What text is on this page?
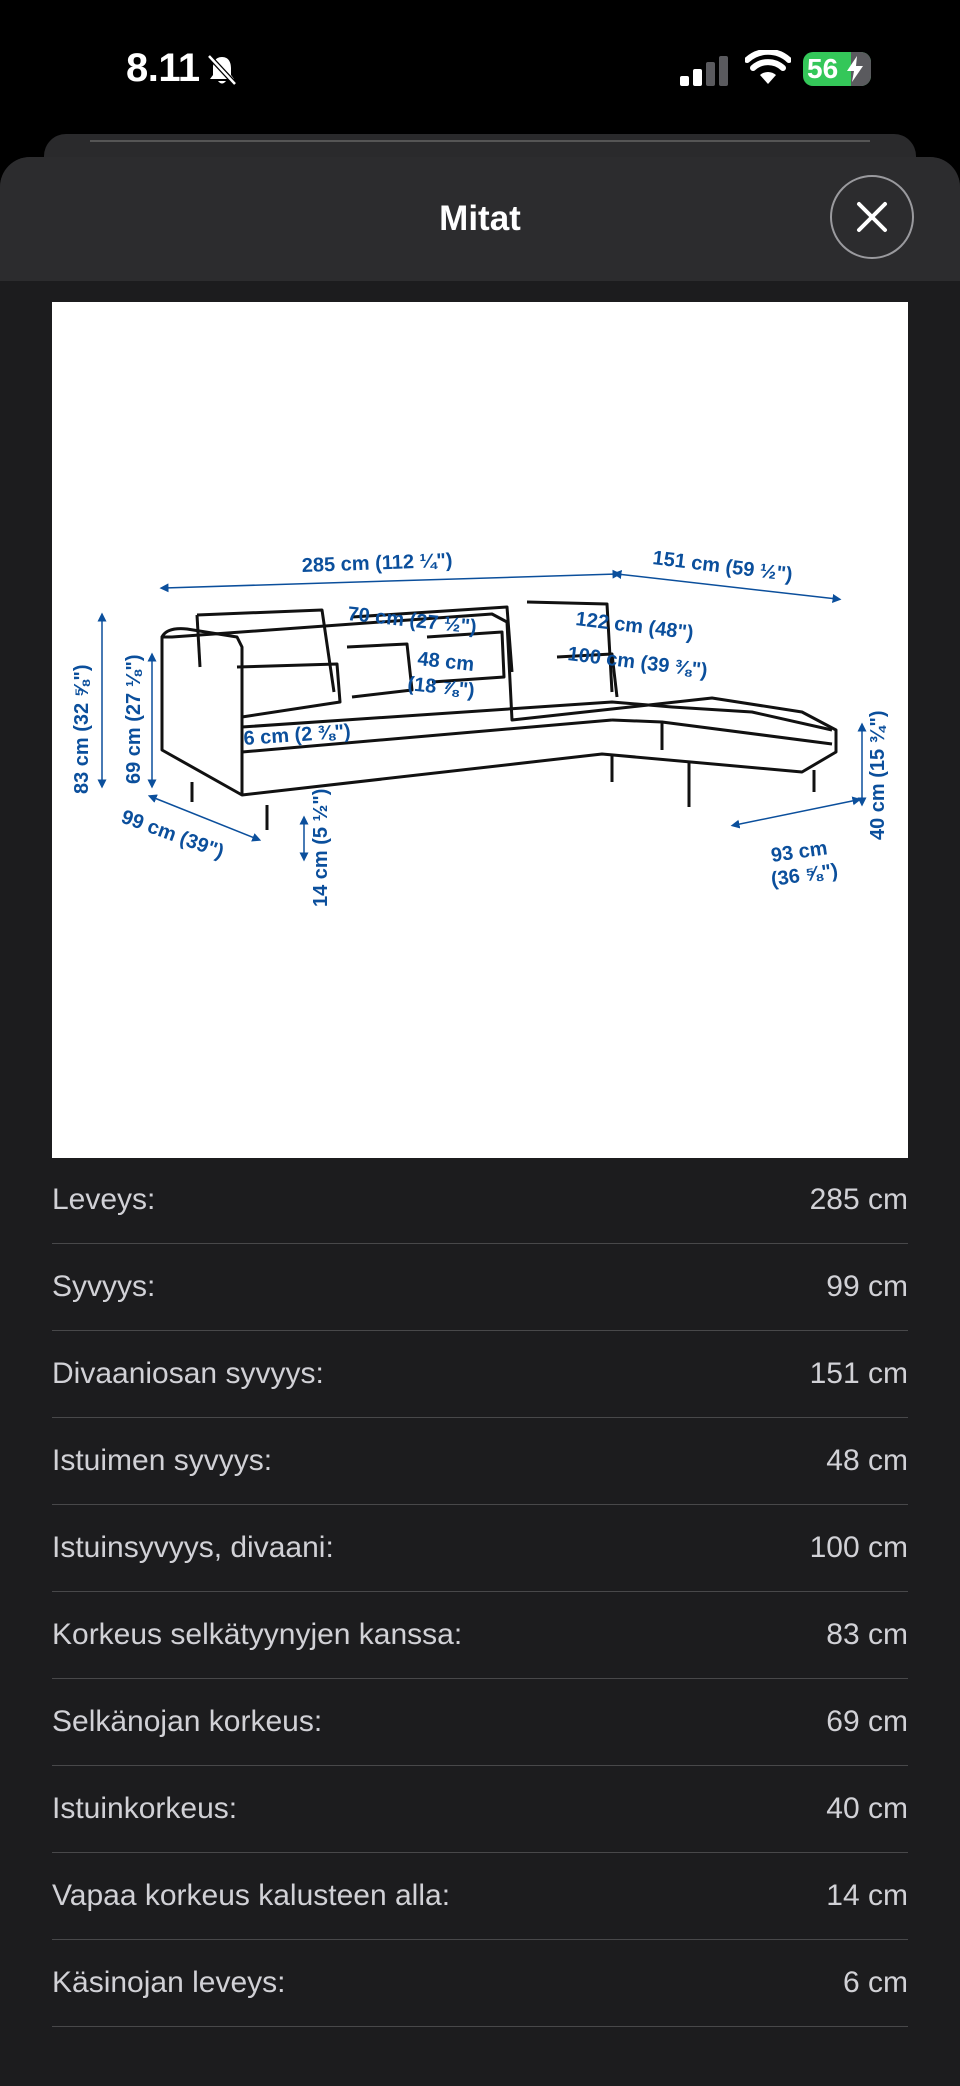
8.11	56
Mitat
285 cm (112 ¼")	151 cm (59 ½")
70 cm (27 ½")	122 cm (48")
48 cm
(18 ⅞")
100 cm (39 ⅜")
6 cm (2 ⅜")
83 cm (32 ⅝") 69 cm (27 ⅛")
99 cm (39")	14 cm (5 ½")	93 cm
(36 ⅝")
40 cm (15 ¾")
Leveys:	285 cm
Syvyys:	99 cm
Divaaniosan syvyys:	151 cm
Istuimen syvyys:	48 cm
Istuinsyvyys, divaani:	100 cm
Korkeus selkätyynyjen kanssa:	83 cm
Selkänojan korkeus:	69 cm
Istuinkorkeus:	40 cm
Vapaa korkeus kalusteen alla:	14 cm
Käsinojan leveys:	6 cm
